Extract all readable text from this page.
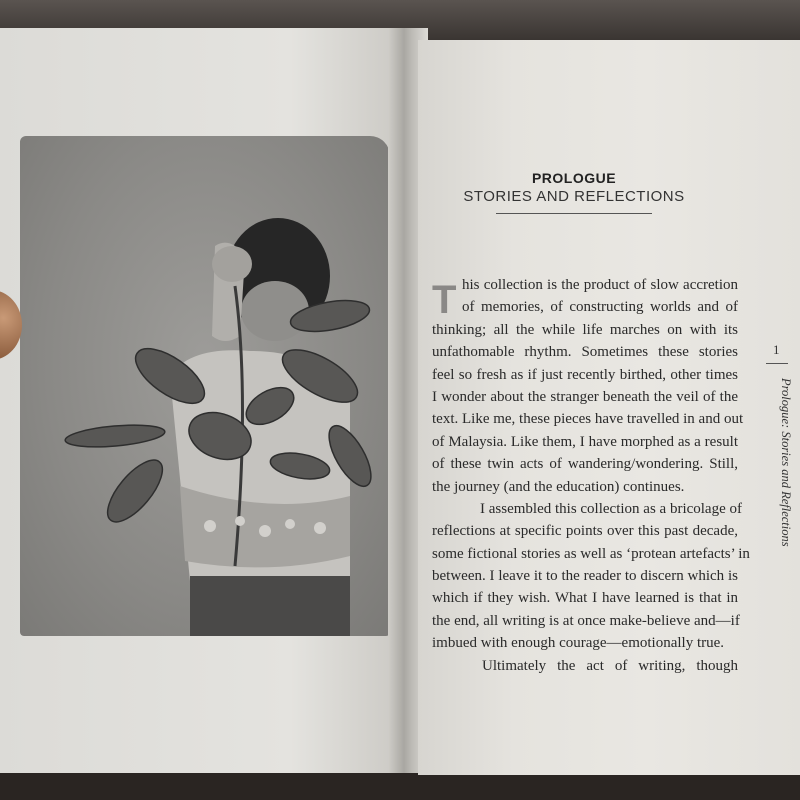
PROLOGUE
STORIES AND REFLECTIONS
T his collection is the product of slow accretion
of memories, of constructing worlds and of
thinking; all the while life marches on with its
unfathomable rhythm. Sometimes these stories
feel so fresh as if just recently birthed, other times
I wonder about the stranger beneath the veil of the
text. Like me, these pieces have travelled in and out
of Malaysia. Like them, I have morphed as a result
of these twin acts of wandering/wondering. Still,
the journey (and the education) continues.
I assembled this collection as a bricolage of
reflections at specific points over this past decade,
some fictional stories as well as ‘protean artefacts’ in
between. I leave it to the reader to discern which is
which if they wish. What I have learned is that in
the end, all writing is at once make-believe and—if
imbued with enough courage—emotionally true.
Ultimately the act of writing, though
1
Prologue: Stories and Reflections
